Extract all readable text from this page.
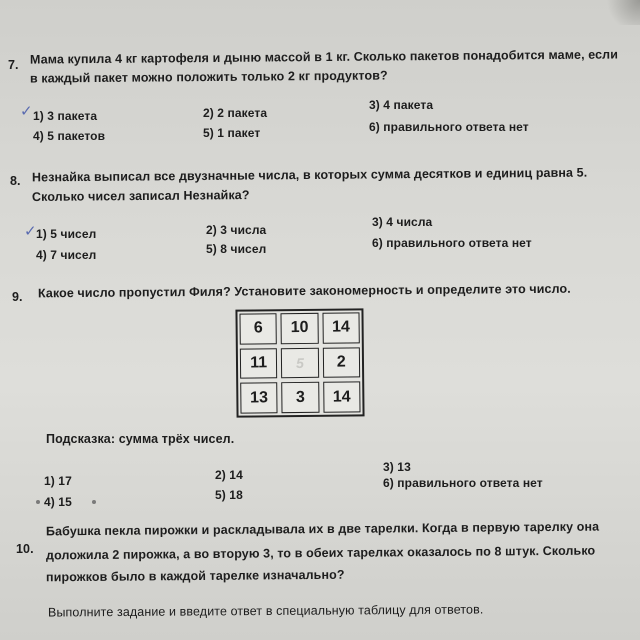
7. Мама купила 4 кг картофеля и дыню массой в 1 кг. Сколько пакетов понадобится маме, если
в каждый пакет можно положить только 2 кг продуктов?
✓ 1) 3 пакета	2) 2 пакета
3) 4 пакета
4) 5 пакетов	5) 1 пакет	6) правильного ответа нет
8. Незнайка выписал все двузначные числа, в которых сумма десятков и единиц равна 5.
Сколько чисел записал Незнайка?
✓ 1) 5 чисел	2) 3 числа
3) 4 числа
4) 7 чисел	5) 8 чисел	6) правильного ответа нет
9. Какое число пропустил Филя? Установите закономерность и определите это число.
6	10	14
11	5	2
13	3	14
Подсказка: сумма трёх чисел.
1) 17	2) 14
3) 13
4) 15	5) 18
6) правильного ответа нет
10.
Бабушка пекла пирожки и раскладывала их в две тарелки. Когда в первую тарелку она
доложила 2 пирожка, а во вторую 3, то в обеих тарелках оказалось по 8 штук. Сколько
пирожков было в каждой тарелке изначально?
Выполните задание и введите ответ в специальную таблицу для ответов.
